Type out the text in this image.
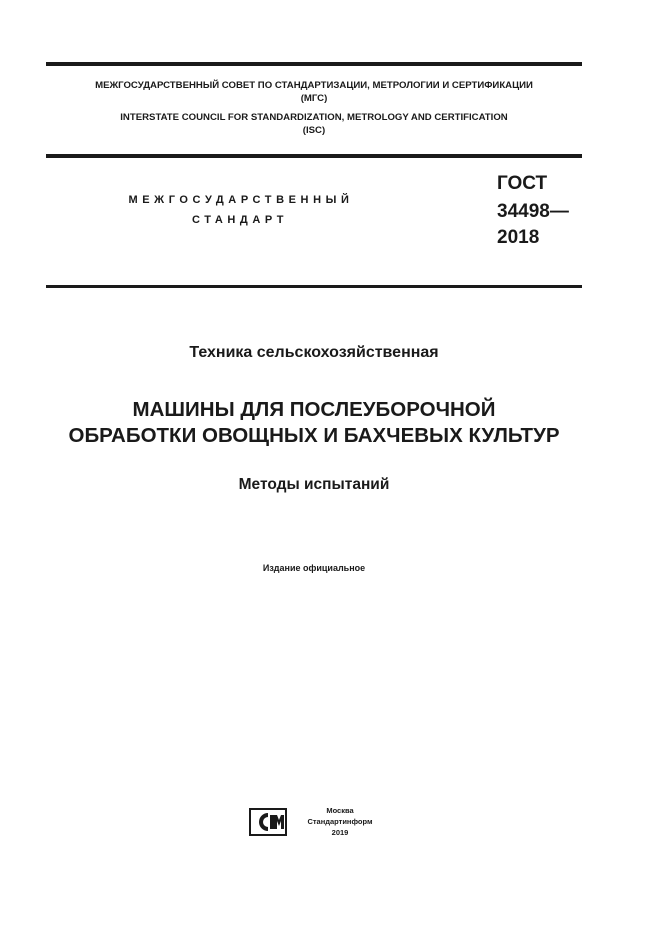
МЕЖГОСУДАРСТВЕННЫЙ СОВЕТ ПО СТАНДАРТИЗАЦИИ, МЕТРОЛОГИИ И СЕРТИФИКАЦИИ
(МГС)
INTERSTATE COUNCIL FOR STANDARDIZATION, METROLOGY AND CERTIFICATION
(ISC)
МЕЖГОСУДАРСТВЕННЫЙ
СТАНДАРТ
ГОСТ
34498—
2018
Техника сельскохозяйственная
МАШИНЫ ДЛЯ ПОСЛЕУБОРОЧНОЙ
ОБРАБОТКИ ОВОЩНЫХ И БАХЧЕВЫХ КУЛЬТУР
Методы испытаний
Издание официальное
Москва
Стандартинформ
2019
